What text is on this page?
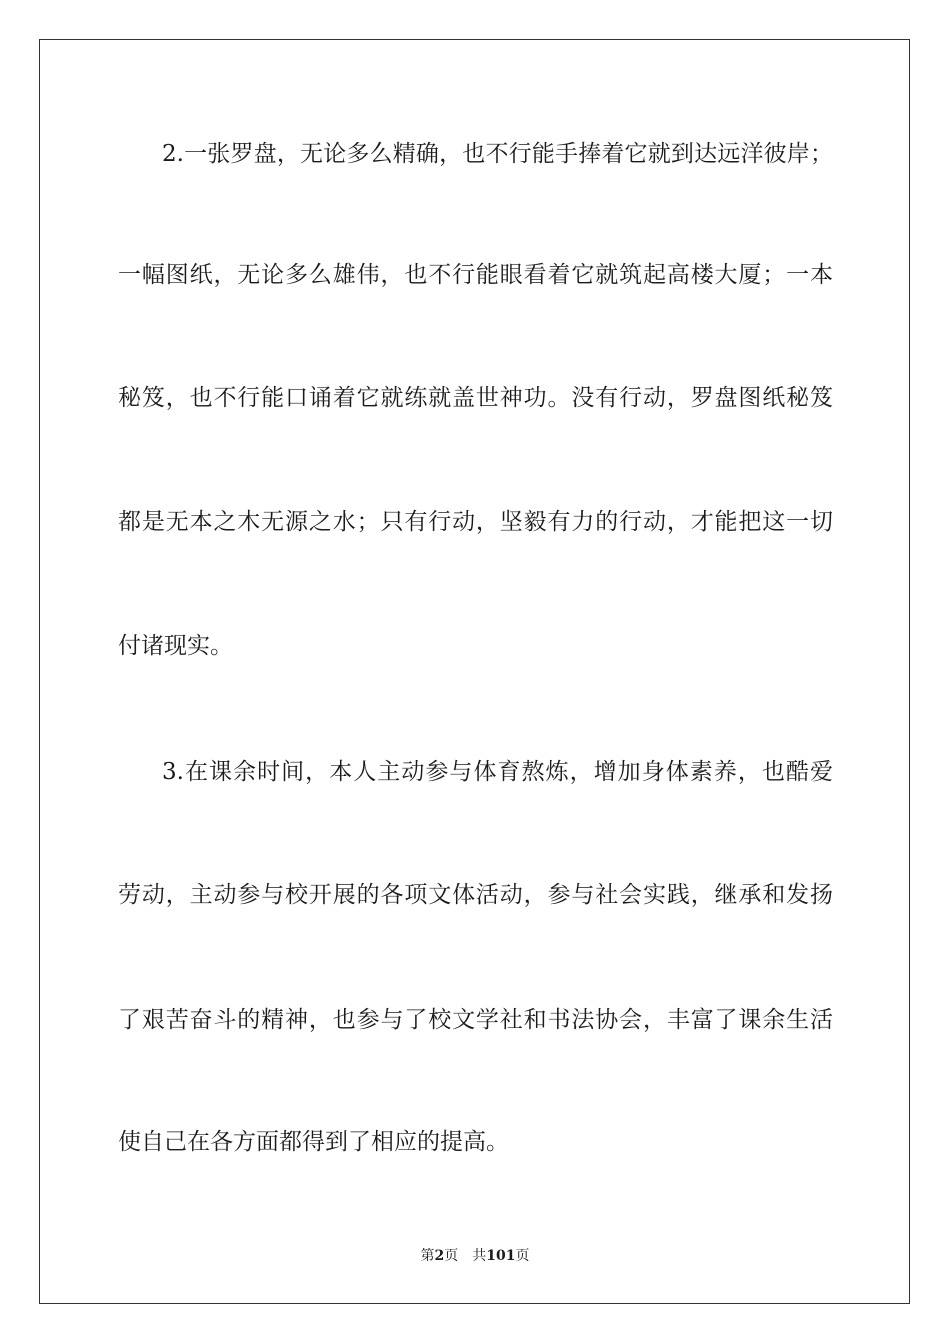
2.一张罗盘，无论多么精确，也不行能手捧着它就到达远洋彼岸；
一幅图纸，无论多么雄伟，也不行能眼看着它就筑起高楼大厦；一本
秘笈，也不行能口诵着它就练就盖世神功。没有行动，罗盘图纸秘笈
都是无本之木无源之水；只有行动，坚毅有力的行动，才能把这一切
付诸现实。
3.在课余时间，本人主动参与体育熬炼，增加身体素养，也酷爱
劳动，主动参与校开展的各项文体活动，参与社会实践，继承和发扬
了艰苦奋斗的精神，也参与了校文学社和书法协会，丰富了课余生活
使自己在各方面都得到了相应的提高。
第2页 共101页
